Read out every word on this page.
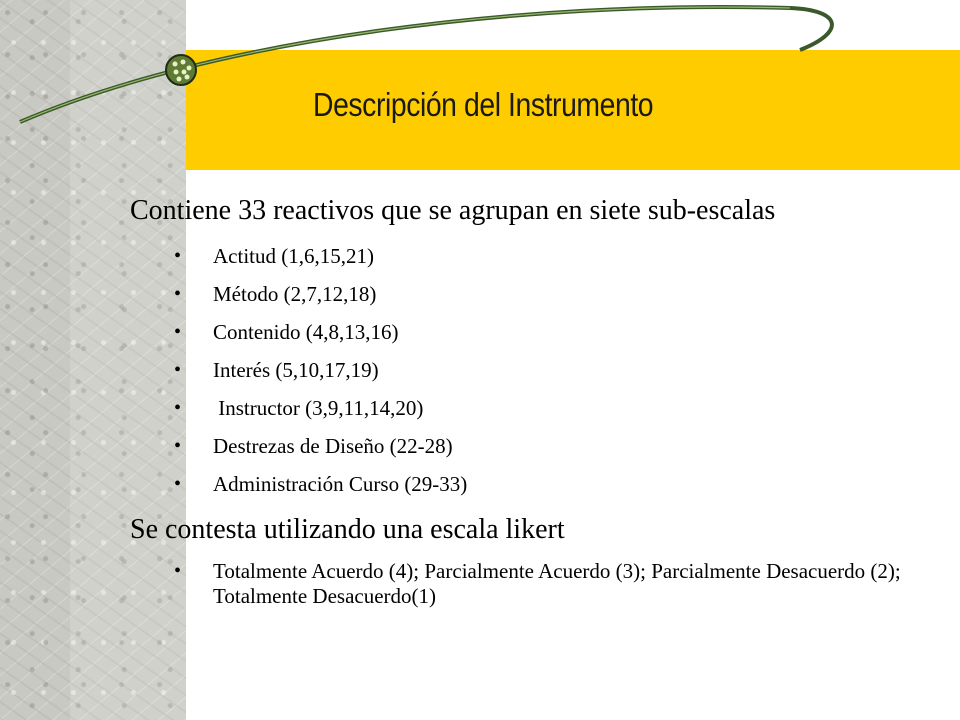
Descripción del Instrumento

Contiene 33 reactivos que se agrupan en siete sub-escalas

• Actitud (1,6,15,21)
• Método (2,7,12,18)
• Contenido (4,8,13,16)
• Interés (5,10,17,19)
• Instructor (3,9,11,14,20)
• Destrezas de Diseño (22-28)
• Administración Curso (29-33)

Se contesta utilizando una escala likert

• Totalmente Acuerdo (4); Parcialmente Acuerdo (3); Parcialmente Desacuerdo (2); Totalmente Desacuerdo(1)
